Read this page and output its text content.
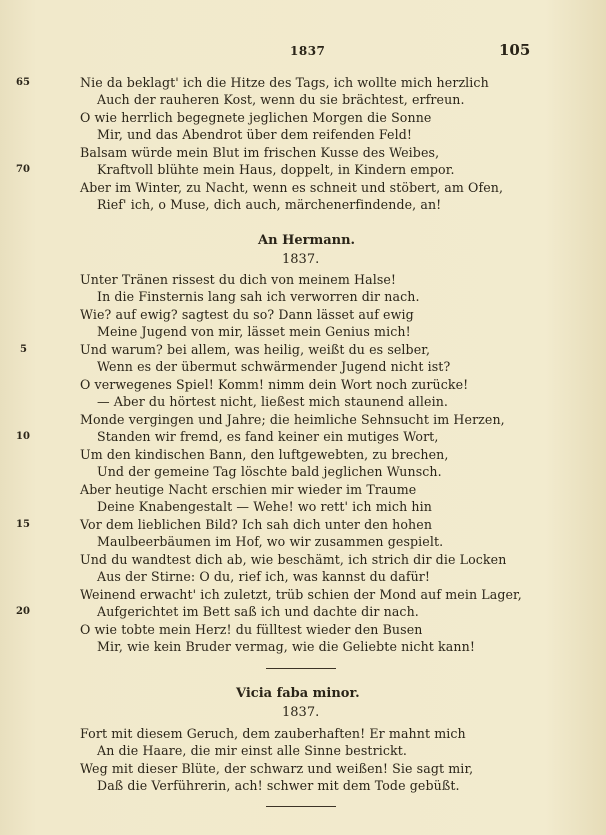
1837	105
65	Nie da beklagt' ich die Hitze des Tags, ich wollte mich herzlich
Auch der rauheren Kost, wenn du sie brächtest, erfreun.
O wie herrlich begegnete jeglichen Morgen die Sonne
Mir, und das Abendrot über dem reifenden Feld!
Balsam würde mein Blut im frischen Kusse des Weibes,
70	Kraftvoll blühte mein Haus, doppelt, in Kindern empor.
Aber im Winter, zu Nacht, wenn es schneit und stöbert, am Ofen,
Rief' ich, o Muse, dich auch, märchenerfindende, an!
An Hermann.
1837.
Unter Tränen rissest du dich von meinem Halse!
In die Finsternis lang sah ich verworren dir nach.
Wie? auf ewig? sagtest du so? Dann lässet auf ewig
Meine Jugend von mir, lässet mein Genius mich!
5	Und warum? bei allem, was heilig, weißt du es selber,
Wenn es der übermut schwärmender Jugend nicht ist?
O verwegenes Spiel! Komm! nimm dein Wort noch zurücke!
— Aber du hörtest nicht, ließest mich staunend allein.
Monde vergingen und Jahre; die heimliche Sehnsucht im Herzen,
10	Standen wir fremd, es fand keiner ein mutiges Wort,
Um den kindischen Bann, den luftgewebten, zu brechen,
Und der gemeine Tag löschte bald jeglichen Wunsch.
Aber heutige Nacht erschien mir wieder im Traume
Deine Knabengestalt — Wehe! wo rett' ich mich hin
15	Vor dem lieblichen Bild? Ich sah dich unter den hohen
Maulbeerbäumen im Hof, wo wir zusammen gespielt.
Und du wandtest dich ab, wie beschämt, ich strich dir die Locken
Aus der Stirne: O du, rief ich, was kannst du dafür!
Weinend erwacht' ich zuletzt, trüb schien der Mond auf mein Lager,
20	Aufgerichtet im Bett saß ich und dachte dir nach.
O wie tobte mein Herz! du fülltest wieder den Busen
Mir, wie kein Bruder vermag, wie die Geliebte nicht kann!
Vicia faba minor.
1837.
Fort mit diesem Geruch, dem zauberhaften! Er mahnt mich
An die Haare, die mir einst alle Sinne bestrickt.
Weg mit dieser Blüte, der schwarz und weißen! Sie sagt mir,
Daß die Verführerin, ach! schwer mit dem Tode gebüßt.
